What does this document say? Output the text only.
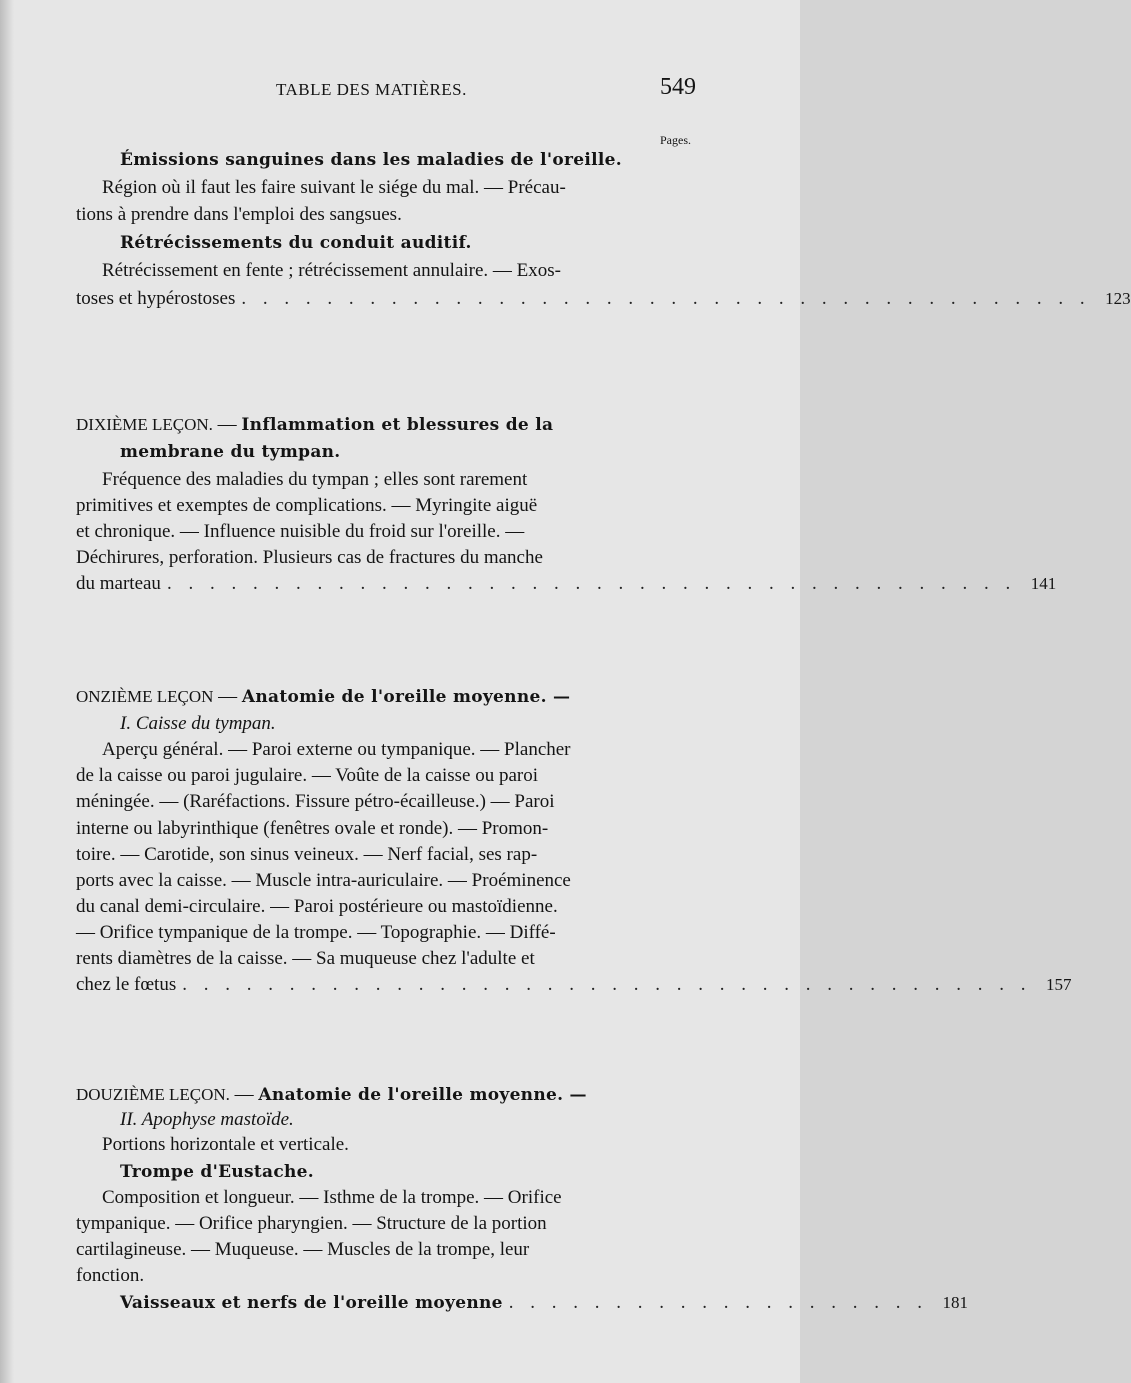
TABLE DES MATIÈRES.	549
Pages.
Émissions sanguines dans les maladies de l'oreille.
Région où il faut les faire suivant le siége du mal. — Précau-
tions à prendre dans l'emploi des sangsues.
Rétrécissements du conduit auditif.
Rétrécissement en fente ; rétrécissement annulaire. — Exos-
toses et hypérostoses . . . . . . . . . . . . . . . . . . . . . . . . . . . . . . . . . . . . . . . . 123
DIXIÈME LEÇON. — Inflammation et blessures de la
membrane du tympan.
Fréquence des maladies du tympan ; elles sont rarement
primitives et exemptes de complications. — Myringite aiguë
et chronique. — Influence nuisible du froid sur l'oreille. —
Déchirures, perforation. Plusieurs cas de fractures du manche
du marteau . . . . . . . . . . . . . . . . . . . . . . . . . . . . . . . . . . . . . . . . 141
ONZIÈME LEÇON — Anatomie de l'oreille moyenne. —
I. Caisse du tympan.
Aperçu général. — Paroi externe ou tympanique. — Plancher
de la caisse ou paroi jugulaire. — Voûte de la caisse ou paroi
méningée. — (Raréfactions. Fissure pétro-écailleuse.) — Paroi
interne ou labyrinthique (fenêtres ovale et ronde). — Promon-
toire. — Carotide, son sinus veineux. — Nerf facial, ses rap-
ports avec la caisse. — Muscle intra-auriculaire. — Proéminence
du canal demi-circulaire. — Paroi postérieure ou mastoïdienne.
— Orifice tympanique de la trompe. — Topographie. — Diffé-
rents diamètres de la caisse. — Sa muqueuse chez l'adulte et
chez le fœtus . . . . . . . . . . . . . . . . . . . . . . . . . . . . . . . . . . . . . . . . 157
DOUZIÈME LEÇON. — Anatomie de l'oreille moyenne. —
II. Apophyse mastoïde.
Portions horizontale et verticale.
Trompe d'Eustache.
Composition et longueur. — Isthme de la trompe. — Orifice
tympanique. — Orifice pharyngien. — Structure de la portion
cartilagineuse. — Muqueuse. — Muscles de la trompe, leur
fonction.
Vaisseaux et nerfs de l'oreille moyenne . . . . . . . . . . . . . . . . . . . . 181
